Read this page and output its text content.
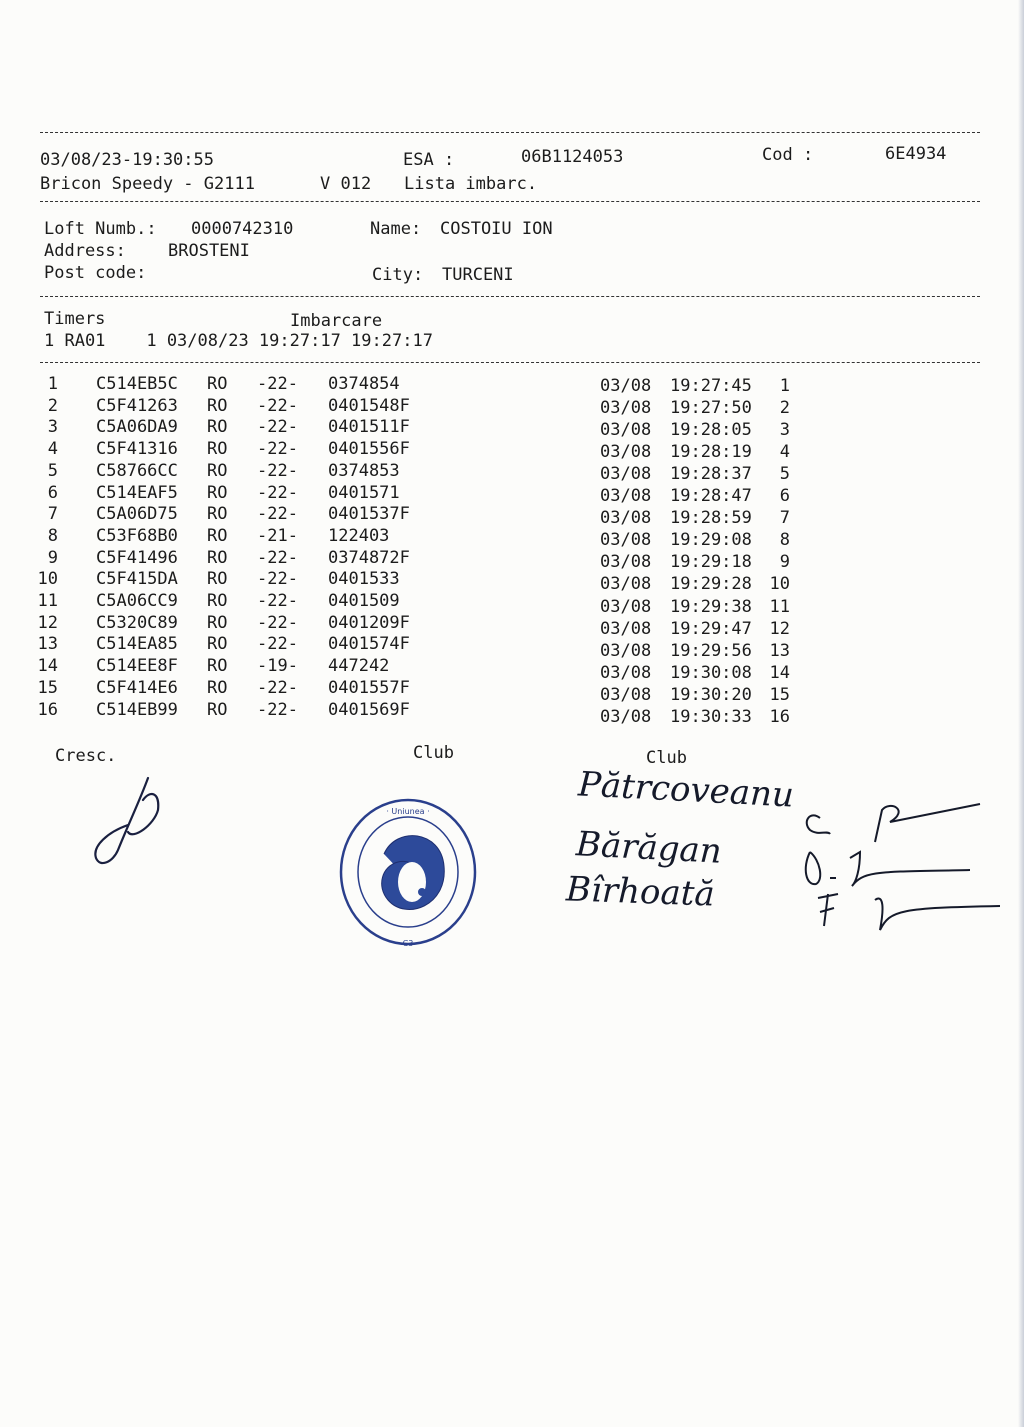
03/08/23-19:30:55	ESA :	06B1124053	Cod :	6E4934
Bricon Speedy - G2111	V 012 Lista imbarc.
Loft Numb.: 0000742310	Name: COSTOIU ION
Address: BROSTENI
Post code:	City: TURCENI
Timers	Imbarcare
1 RA01    1 03/08/23 19:27:17 19:27:17
1 C514EB5C RO -22- 0374854	03/08 19:27:45	1
2 C5F41263 RO -22- 0401548F	03/08 19:27:50	2
3 C5A06DA9 RO -22- 0401511F	03/08 19:28:05	3
4 C5F41316 RO -22- 0401556F	03/08 19:28:19	4
5 C58766CC RO -22- 0374853	03/08 19:28:37	5
6 C514EAF5 RO -22- 0401571	03/08 19:28:47	6
7 C5A06D75 RO -22- 0401537F	03/08 19:28:59	7
8 C53F68B0 RO -21- 122403	03/08 19:29:08	8
9 C5F41496 RO -22- 0374872F	03/08 19:29:18	9
10 C5F415DA RO -22- 0401533	03/08 19:29:28	10
11 C5A06CC9 RO -22- 0401509	03/08 19:29:38	11
12 C5320C89 RO -22- 0401209F	03/08 19:29:47	12
13 C514EA85 RO -22- 0401574F	03/08 19:29:56	13
14 C514EE8F RO -19- 447242	03/08 19:30:08	14
15 C5F414E6 RO -22- 0401557F	03/08 19:30:20	15
16 C514EB99 RO -22- 0401569F	03/08 19:30:33	16
Cresc.	Club	Club
· Uniunea ·
C3
Pătrcoveanu
Bărăgan
Bîrhoată
